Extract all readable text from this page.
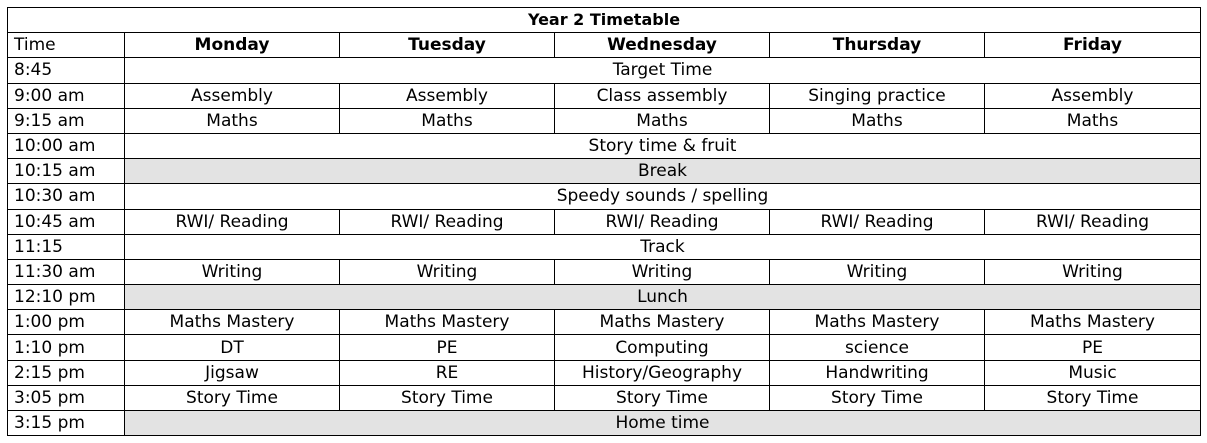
Year 2 Timetable					
Time	Monday	Tuesday	Wednesday	Thursday	Friday
8:45	Target Time				
9:00 am	Assembly	Assembly	Class assembly	Singing practice	Assembly
9:15 am	Maths	Maths	Maths	Maths	Maths
10:00 am	Story time & fruit				
10:15 am	Break				
10:30 am	Speedy sounds / spelling				
10:45 am	RWI/ Reading	RWI/ Reading	RWI/ Reading	RWI/ Reading	RWI/ Reading
11:15	Track				
11:30 am	Writing	Writing	Writing	Writing	Writing
12:10 pm	Lunch				
1:00 pm	Maths Mastery	Maths Mastery	Maths Mastery	Maths Mastery	Maths Mastery
1:10 pm	DT	PE	Computing	science	PE
2:15 pm	Jigsaw	RE	History/Geography	Handwriting	Music
3:05 pm	Story Time	Story Time	Story Time	Story Time	Story Time
3:15 pm	Home time				
